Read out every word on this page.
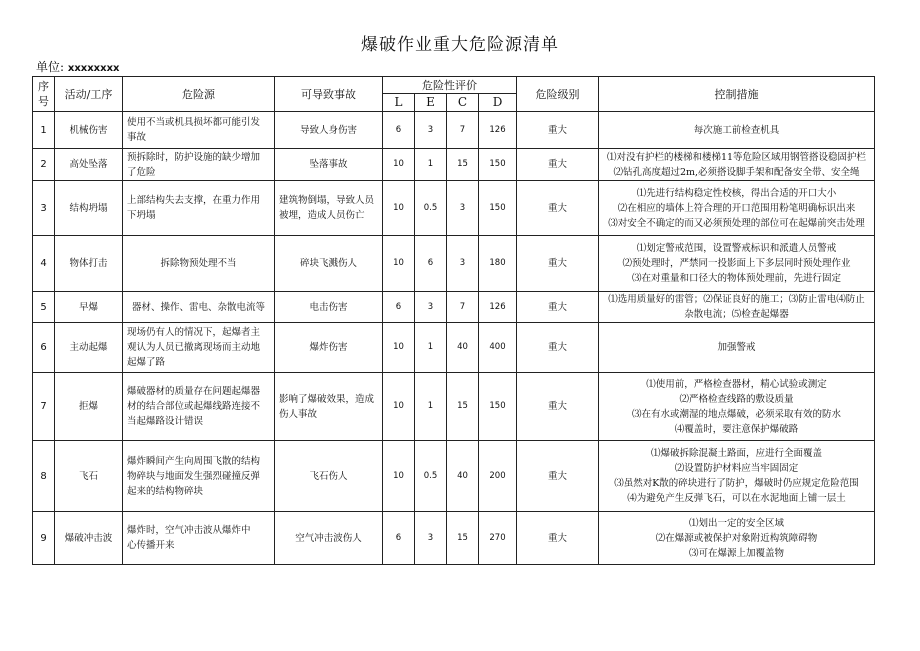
爆破作业重大危险源清单
单位: xxxxxxxx
序号	活动/工序	危险源	可导致事故	危险性评价				危险级别	控制措施
				L	E	C	D		
1	机械伤害	使用不当或机具损坏都可能引发
事故	导致人身伤害	6	3	7	126	重大	每次施工前检查机具

2	高处坠落	预拆除时，防护设施的缺少增加
了危险	坠落事故	10	1	15	150	重大	⑴对没有护栏的楼梯和楼梯11等危险区域用钢管搭设稳固护栏
⑵钻孔高度超过2m,必须搭设脚手架和配备安全带、安全绳

3	结构坍塌	上部结构失去支撑，在重力作用
下坍塌	建筑物倒塌，导致人员
被埋，造成人员伤亡	10	0.5	3	150	重大	⑴先进行结构稳定性校核，得出合适的开口大小
⑵在相应的墙体上符合理的开口范围用粉笔明确标识出来
⑶对安全不确定的而又必须预处理的部位可在起爆前突击处理

4	物体打击	拆除物预处理不当	碎块飞溅伤人	10	6	3	180	重大	⑴划定警戒范围，设置警戒标识和派遣人员警戒
⑵预处理时，严禁同一投影面上下多层同时预处理作业
⑶在对重量和口径大的物体预处理前，先进行固定

5	早爆	器材、操作、雷电、杂散电流等	电击伤害	6	3	7	126	重大	⑴选用质量好的雷管；⑵保证良好的施工；⑶防止雷电⑷防止
杂散电流；⑸检查起爆器

6	主动起爆	现场仍有人的情况下，起爆者主
观认为人员已撤离现场而主动地
起爆了路	爆炸伤害	10	1	40	400	重大	加强警戒

7	拒爆	爆破器材的质量存在问题起爆器
材的结合部位或起爆线路连接不
当起爆路设计错误	影响了爆破效果，造成
伤人事故	10	1	15	150	重大	⑴使用前，严格检查器材，精心试验或测定
⑵严格检查线路的敷设质量
⑶在有水或潮湿的地点爆破，必须采取有效的防水
⑷覆盖时，要注意保护爆破路

8	飞石	爆炸瞬间产生向周围飞散的结构
物碎块与地面发生强烈碰撞反弹
起来的结构物碎块	飞石伤人	10	0.5	40	200	重大	⑴爆破拆除混凝土路面，应进行全面覆盖
⑵设置防护材料应当牢固固定
⑶虽然对K散的碎块进行了防护，爆破时仍应规定危险范围
⑷为避免产生反弹飞石，可以在水泥地面上铺一层土

9	爆破冲击波	爆炸时，空气冲击波从爆炸中
心传播开来	空气冲击波伤人	6	3	15	270	重大	⑴划出一定的安全区域
⑵在爆源或被保护对象附近构筑障碍物
⑶可在爆源上加覆盖物
